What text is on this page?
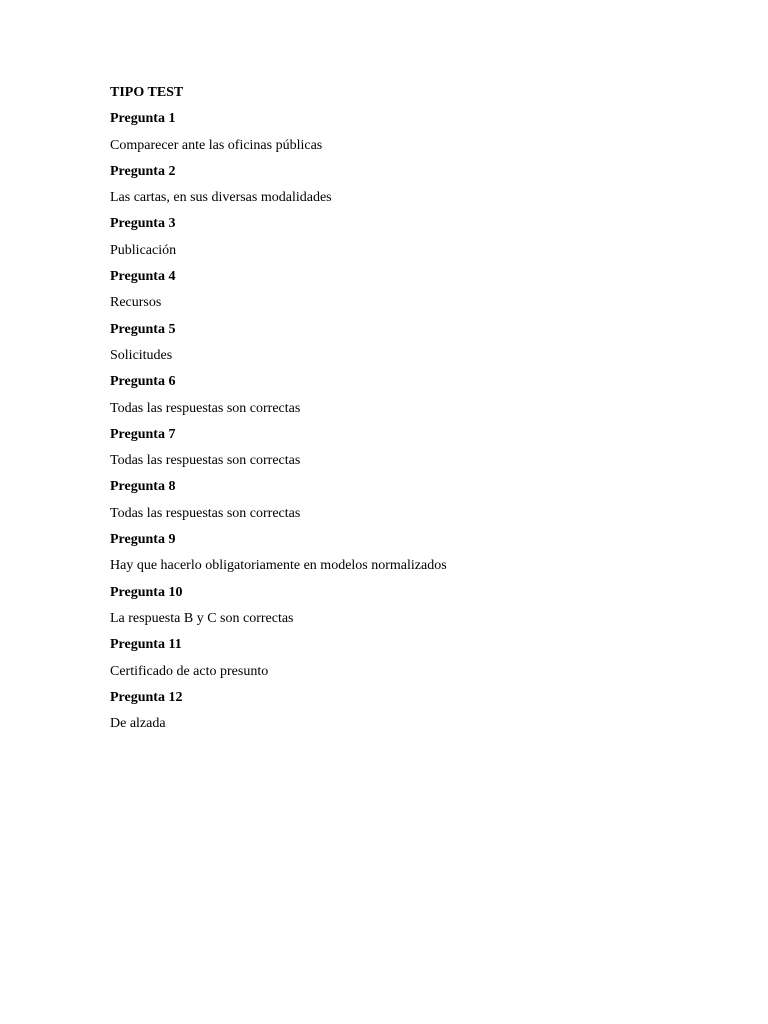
TIPO TEST
Pregunta 1
Comparecer ante las oficinas públicas
Pregunta 2
Las cartas, en sus diversas modalidades
Pregunta 3
Publicación
Pregunta 4
Recursos
Pregunta 5
Solicitudes
Pregunta 6
Todas las respuestas son correctas
Pregunta 7
Todas las respuestas son correctas
Pregunta 8
Todas las respuestas son correctas
Pregunta 9
Hay que hacerlo obligatoriamente en modelos normalizados
Pregunta 10
La respuesta B y C son correctas
Pregunta 11
Certificado de acto presunto
Pregunta 12
De alzada
